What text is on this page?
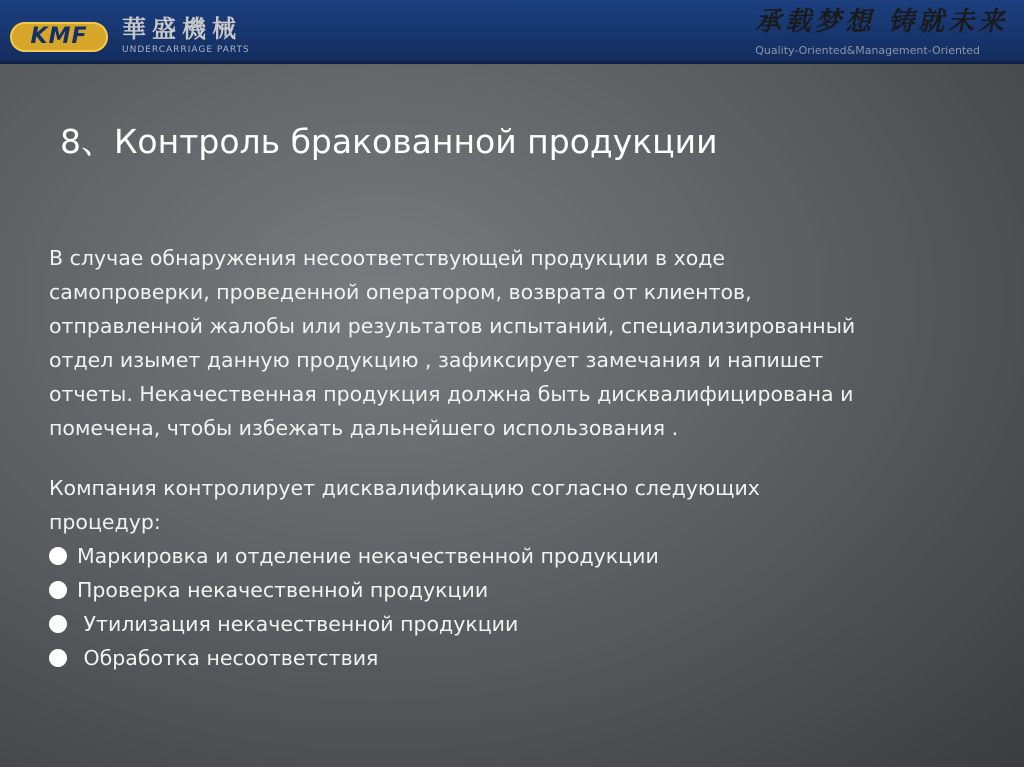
KMF	華盛機械
UNDERCARRIAGE PARTS
承载梦想 铸就未来
Quality-Oriented&Management-Oriented
8、Контроль бракованной продукции
В случае обнаружения несоответствующей продукции в ходе
самопроверки, проведенной оператором, возврата от клиентов,
отправленной жалобы или результатов испытаний, специализированный
отдел изымет данную продукцию , зафиксирует замечания и напишет
отчеты. Некачественная продукция должна быть дисквалифицирована и
помечена, чтобы избежать дальнейшего использования .
Компания контролирует дисквалификацию согласно следующих
процедур:
Маркировка и отделение некачественной продукции
Проверка некачественной продукции
Утилизация некачественной продукции
Обработка несоответствия
